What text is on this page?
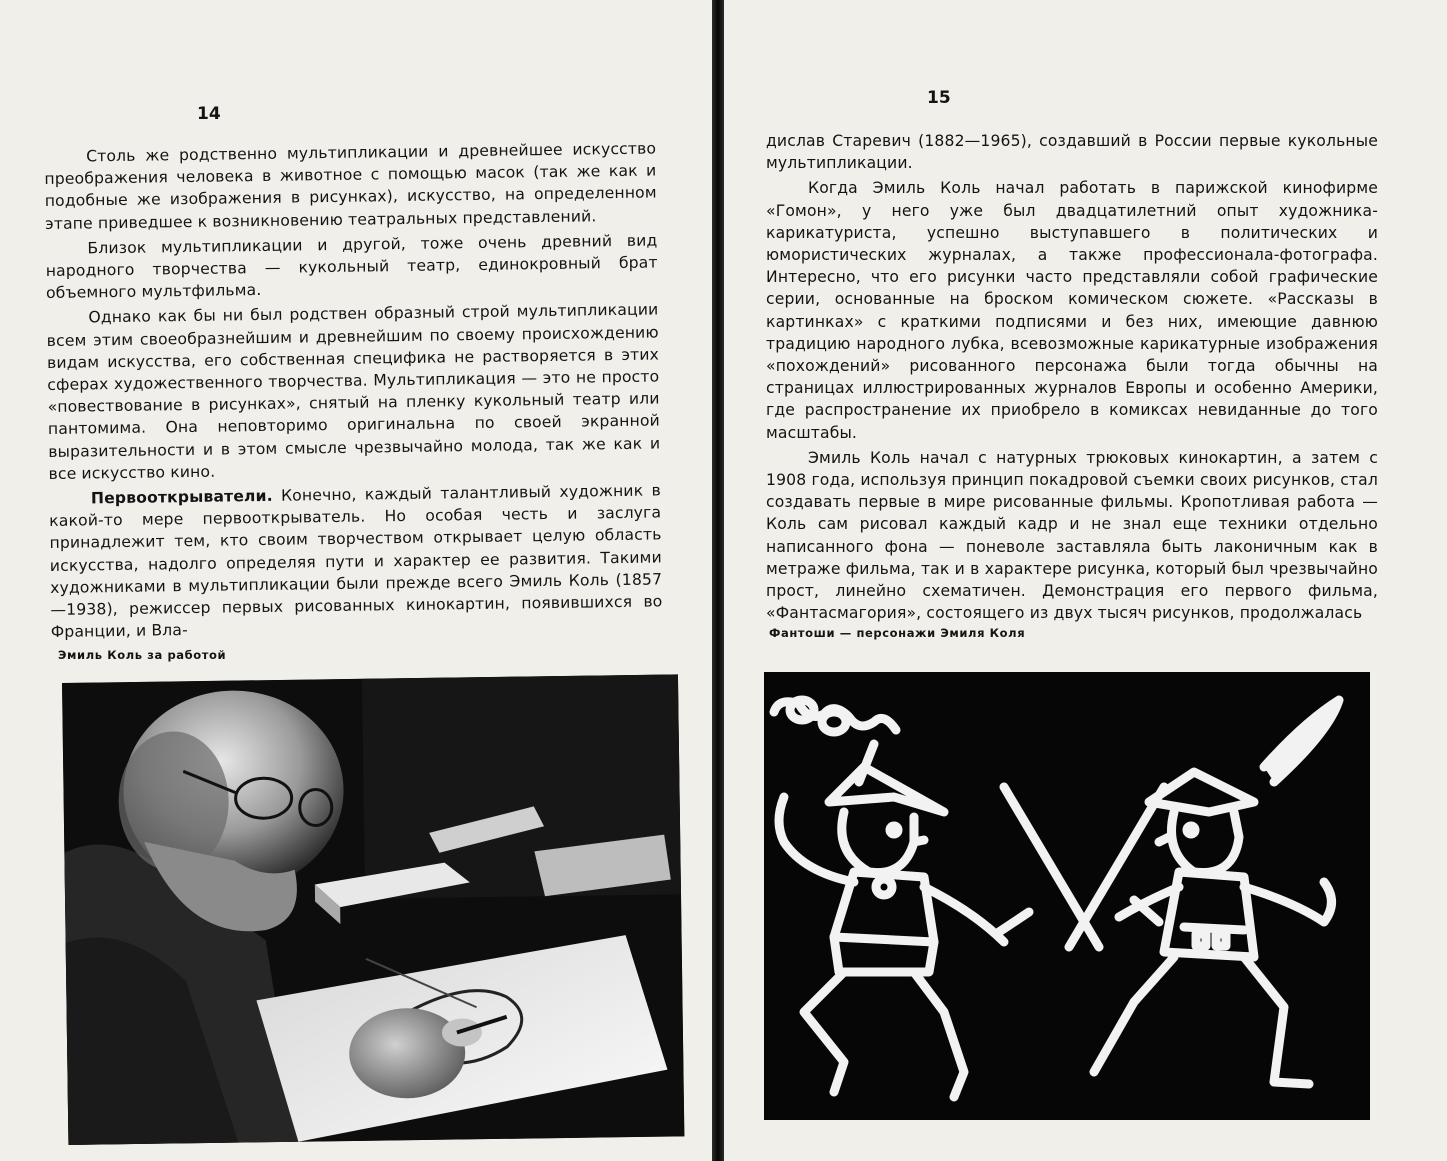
14

Столь же родственно мультипликации и древнейшее искусство преображения человека в животное с помощью масок (так же как и подобные же изображения в рисунках), искусство, на определенном этапе приведшее к возникновению театральных представлений.

Близок мультипликации и другой, тоже очень древний вид народного творчества — кукольный театр, единокровный брат объемного мультфильма.

Однако как бы ни был родствен образный строй мультипликации всем этим своеобразнейшим и древнейшим по своему происхождению видам искусства, его собственная специфика не растворяется в этих сферах художественного творчества. Мультипликация — это не просто «повествование в рисунках», снятый на пленку кукольный театр или пантомима. Она неповторимо оригинальна по своей экранной выразительности и в этом смысле чрезвычайно молода, так же как и все искусство кино.

Первооткрыватели. Конечно, каждый талантливый художник в какой-то мере первооткрыватель. Но особая честь и заслуга принадлежит тем, кто своим творчеством открывает целую область искусства, надолго определяя пути и характер ее развития. Такими художниками в мультипликации были прежде всего Эмиль Коль (1857—1938), режиссер первых рисованных кинокартин, появившихся во Франции, и Вла-

Эмиль Коль за работой
15

дислав Старевич (1882—1965), создавший в России первые кукольные мультипликации.

Когда Эмиль Коль начал работать в парижской кинофирме «Гомон», у него уже был двадцатилетний опыт художника-карикатуриста, успешно выступавшего в политических и юмористических журналах, а также профессионала-фотографа. Интересно, что его рисунки часто представляли собой графические серии, основанные на броском комическом сюжете. «Рассказы в картинках» с краткими подписями и без них, имеющие давнюю традицию народного лубка, всевозможные карикатурные изображения «похождений» рисованного персонажа были тогда обычны на страницах иллюстрированных журналов Европы и особенно Америки, где распространение их приобрело в комиксах невиданные до того масштабы.

Эмиль Коль начал с натурных трюковых кинокартин, а затем с 1908 года, используя принцип покадровой съемки своих рисунков, стал создавать первые в мире рисованные фильмы. Кропотливая работа — Коль сам рисовал каждый кадр и не знал еще техники отдельно написанного фона — поневоле заставляла быть лаконичным как в метраже фильма, так и в характере рисунка, который был чрезвычайно прост, линейно схематичен. Демонстрация его первого фильма, «Фантасмагория», состоящего из двух тысяч рисунков, продолжалась

Фантоши — персонажи Эмиля Коля
